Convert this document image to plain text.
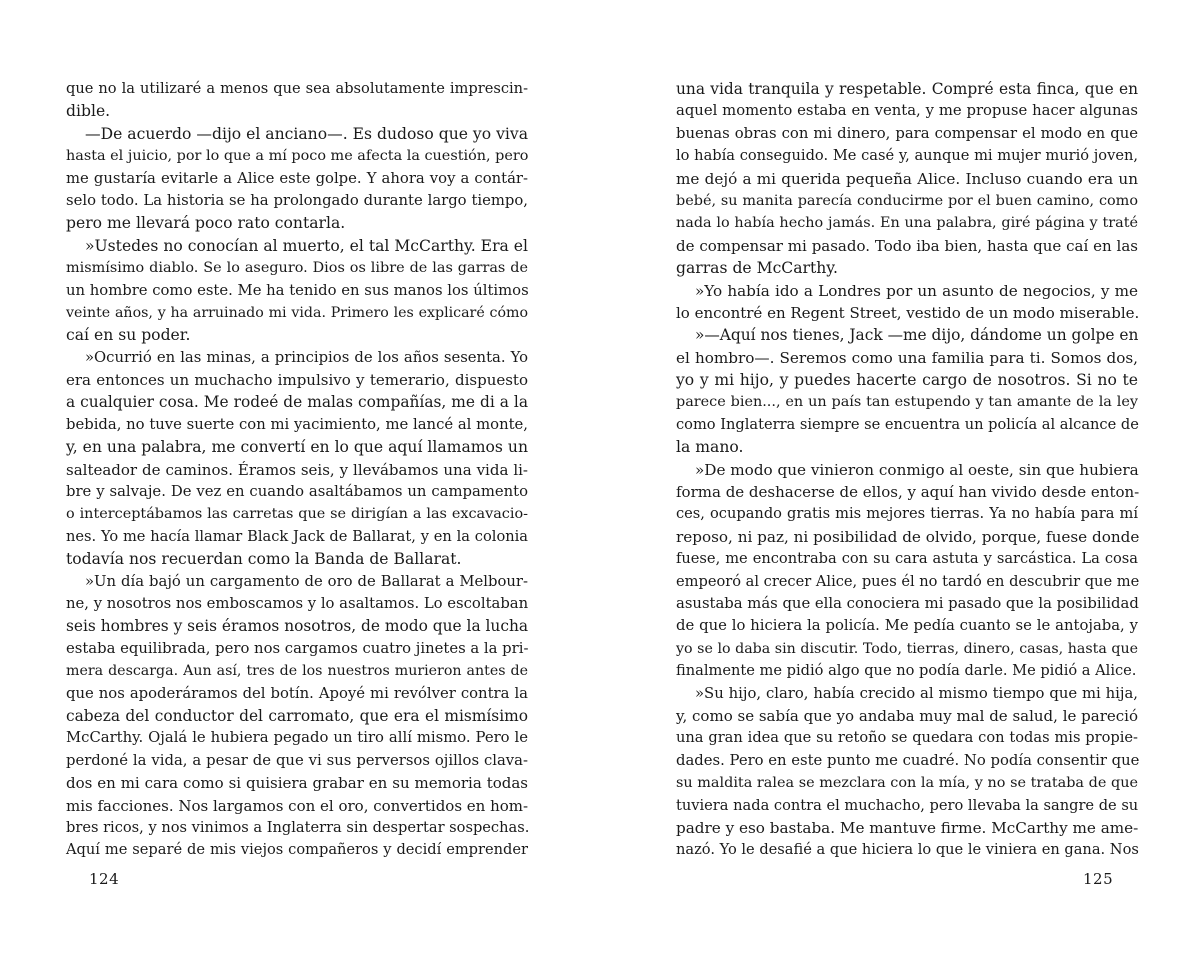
que no la utilizaré a menos que sea absolutamente imprescin-
dible.
—De acuerdo —dijo el anciano—. Es dudoso que yo viva
hasta el juicio, por lo que a mí poco me afecta la cuestión, pero
me gustaría evitarle a Alice este golpe. Y ahora voy a contár-
selo todo. La historia se ha prolongado durante largo tiempo,
pero me llevará poco rato contarla.
»Ustedes no conocían al muerto, el tal McCarthy. Era el
mismísimo diablo. Se lo aseguro. Dios os libre de las garras de
un hombre como este. Me ha tenido en sus manos los últimos
veinte años, y ha arruinado mi vida. Primero les explicaré cómo
caí en su poder.
»Ocurrió en las minas, a principios de los años sesenta. Yo
era entonces un muchacho impulsivo y temerario, dispuesto
a cualquier cosa. Me rodeé de malas compañías, me di a la
bebida, no tuve suerte con mi yacimiento, me lancé al monte,
y, en una palabra, me convertí en lo que aquí llamamos un
salteador de caminos. Éramos seis, y llevábamos una vida li-
bre y salvaje. De vez en cuando asaltábamos un campamento
o interceptábamos las carretas que se dirigían a las excavacio-
nes. Yo me hacía llamar Black Jack de Ballarat, y en la colonia
todavía nos recuerdan como la Banda de Ballarat.
»Un día bajó un cargamento de oro de Ballarat a Melbour-
ne, y nosotros nos emboscamos y lo asaltamos. Lo escoltaban
seis hombres y seis éramos nosotros, de modo que la lucha
estaba equilibrada, pero nos cargamos cuatro jinetes a la pri-
mera descarga. Aun así, tres de los nuestros murieron antes de
que nos apoderáramos del botín. Apoyé mi revólver contra la
cabeza del conductor del carromato, que era el mismísimo
McCarthy. Ojalá le hubiera pegado un tiro allí mismo. Pero le
perdoné la vida, a pesar de que vi sus perversos ojillos clava-
dos en mi cara como si quisiera grabar en su memoria todas
mis facciones. Nos largamos con el oro, convertidos en hom-
bres ricos, y nos vinimos a Inglaterra sin despertar sospechas.
Aquí me separé de mis viejos compañeros y decidí emprender
124
una vida tranquila y respetable. Compré esta finca, que en
aquel momento estaba en venta, y me propuse hacer algunas
buenas obras con mi dinero, para compensar el modo en que
lo había conseguido. Me casé y, aunque mi mujer murió joven,
me dejó a mi querida pequeña Alice. Incluso cuando era un
bebé, su manita parecía conducirme por el buen camino, como
nada lo había hecho jamás. En una palabra, giré página y traté
de compensar mi pasado. Todo iba bien, hasta que caí en las
garras de McCarthy.
»Yo había ido a Londres por un asunto de negocios, y me
lo encontré en Regent Street, vestido de un modo miserable.
»—Aquí nos tienes, Jack —me dijo, dándome un golpe en
el hombro—. Seremos como una familia para ti. Somos dos,
yo y mi hijo, y puedes hacerte cargo de nosotros. Si no te
parece bien..., en un país tan estupendo y tan amante de la ley
como Inglaterra siempre se encuentra un policía al alcance de
la mano.
»De modo que vinieron conmigo al oeste, sin que hubiera
forma de deshacerse de ellos, y aquí han vivido desde enton-
ces, ocupando gratis mis mejores tierras. Ya no había para mí
reposo, ni paz, ni posibilidad de olvido, porque, fuese donde
fuese, me encontraba con su cara astuta y sarcástica. La cosa
empeoró al crecer Alice, pues él no tardó en descubrir que me
asustaba más que ella conociera mi pasado que la posibilidad
de que lo hiciera la policía. Me pedía cuanto se le antojaba, y
yo se lo daba sin discutir. Todo, tierras, dinero, casas, hasta que
finalmente me pidió algo que no podía darle. Me pidió a Alice.
»Su hijo, claro, había crecido al mismo tiempo que mi hija,
y, como se sabía que yo andaba muy mal de salud, le pareció
una gran idea que su retoño se quedara con todas mis propie-
dades. Pero en este punto me cuadré. No podía consentir que
su maldita ralea se mezclara con la mía, y no se trataba de que
tuviera nada contra el muchacho, pero llevaba la sangre de su
padre y eso bastaba. Me mantuve firme. McCarthy me ame-
nazó. Yo le desafié a que hiciera lo que le viniera en gana. Nos
125
